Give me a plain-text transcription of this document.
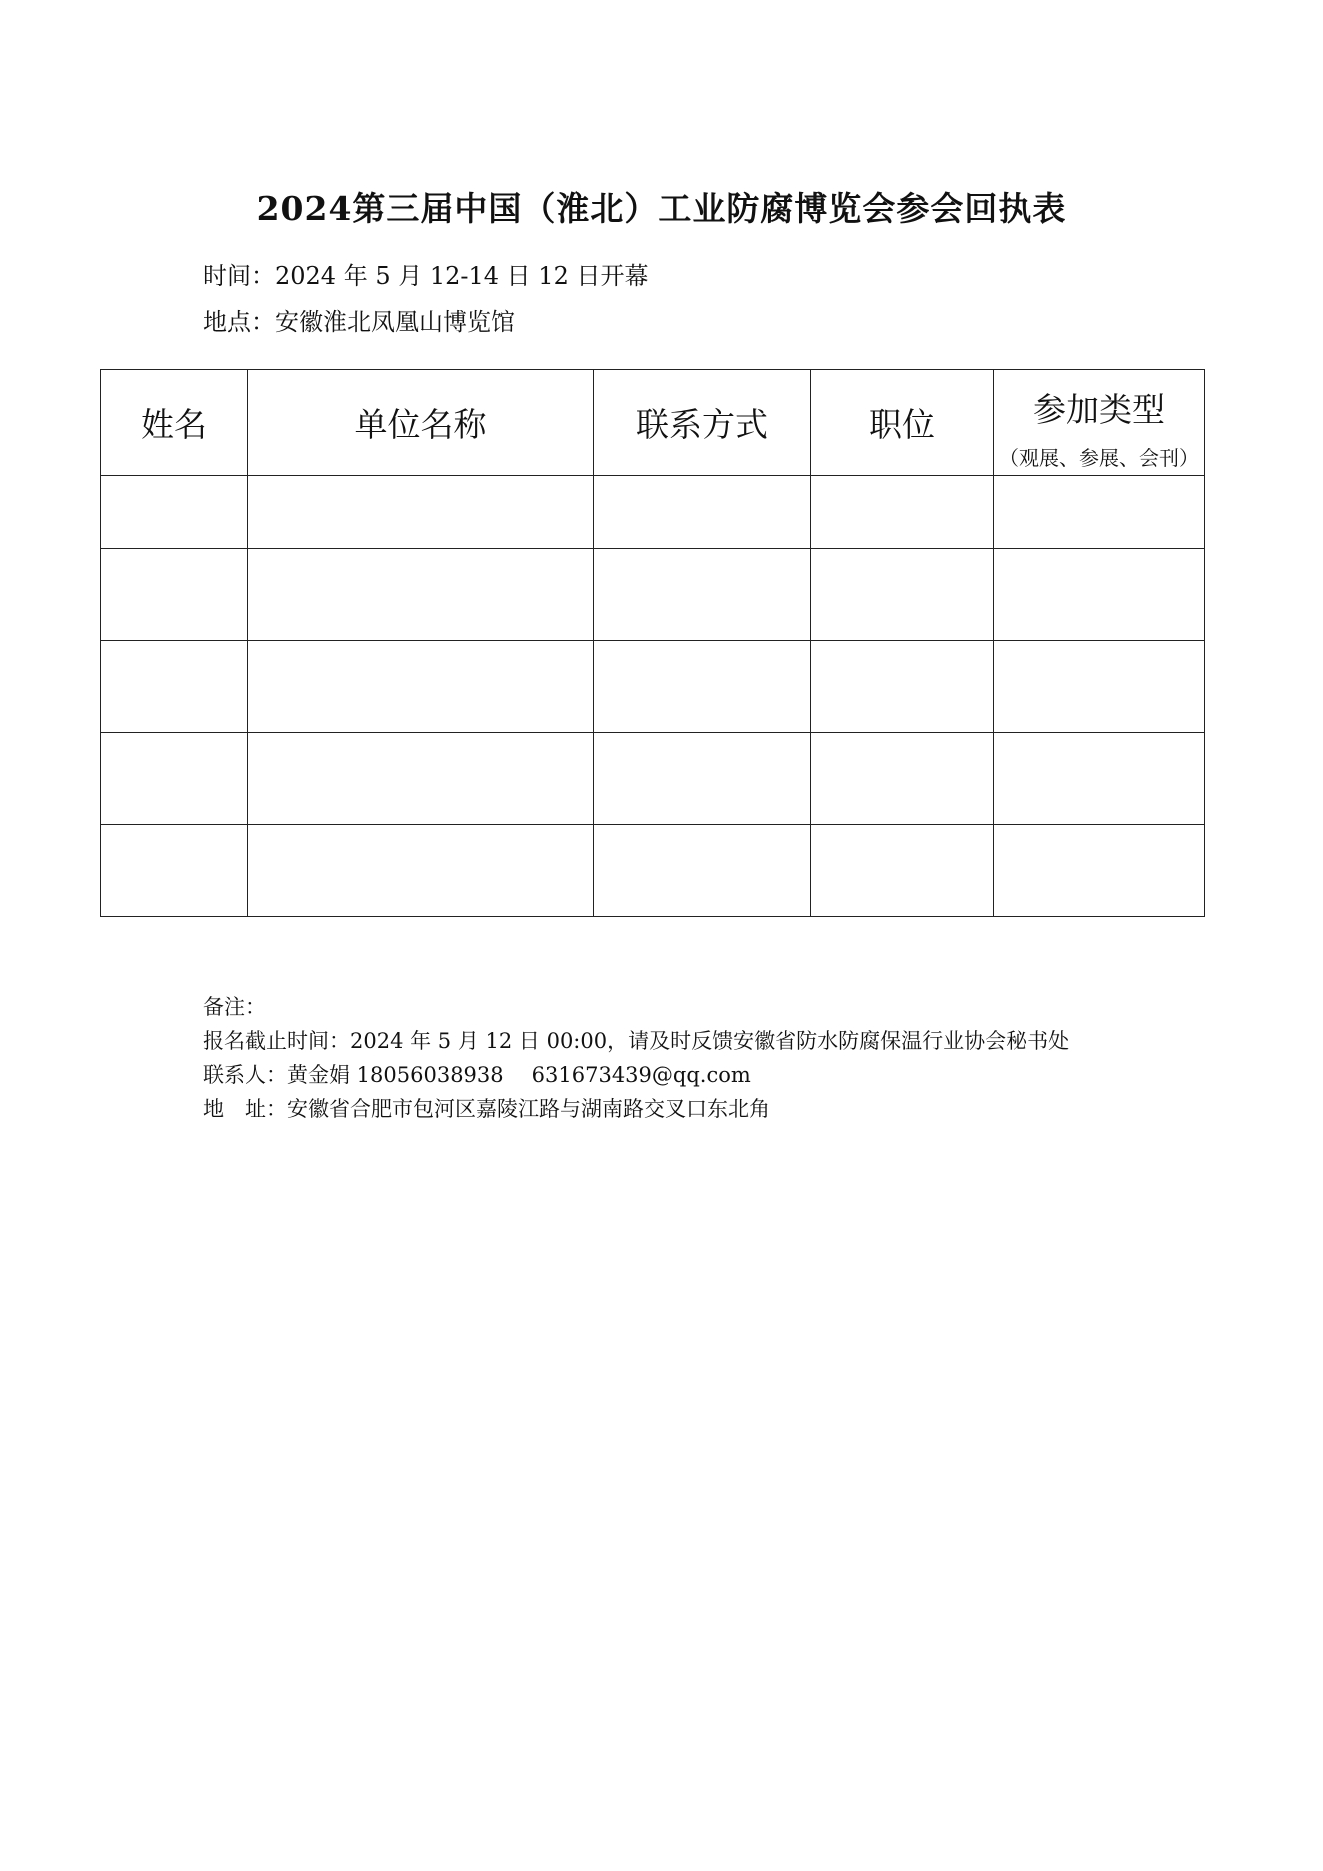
2024第三届中国（淮北）工业防腐博览会参会回执表
时间：2024 年 5 月 12-14 日 12 日开幕
地点：安徽淮北凤凰山博览馆
姓名	单位名称	联系方式	职位	参加类型
（观展、参展、会刊）

备注：
报名截止时间：2024 年 5 月 12 日 00:00，请及时反馈安徽省防水防腐保温行业协会秘书处
联系人：黄金娟 18056038938 631673439@qq.com
地　址：安徽省合肥市包河区嘉陵江路与湖南路交叉口东北角
